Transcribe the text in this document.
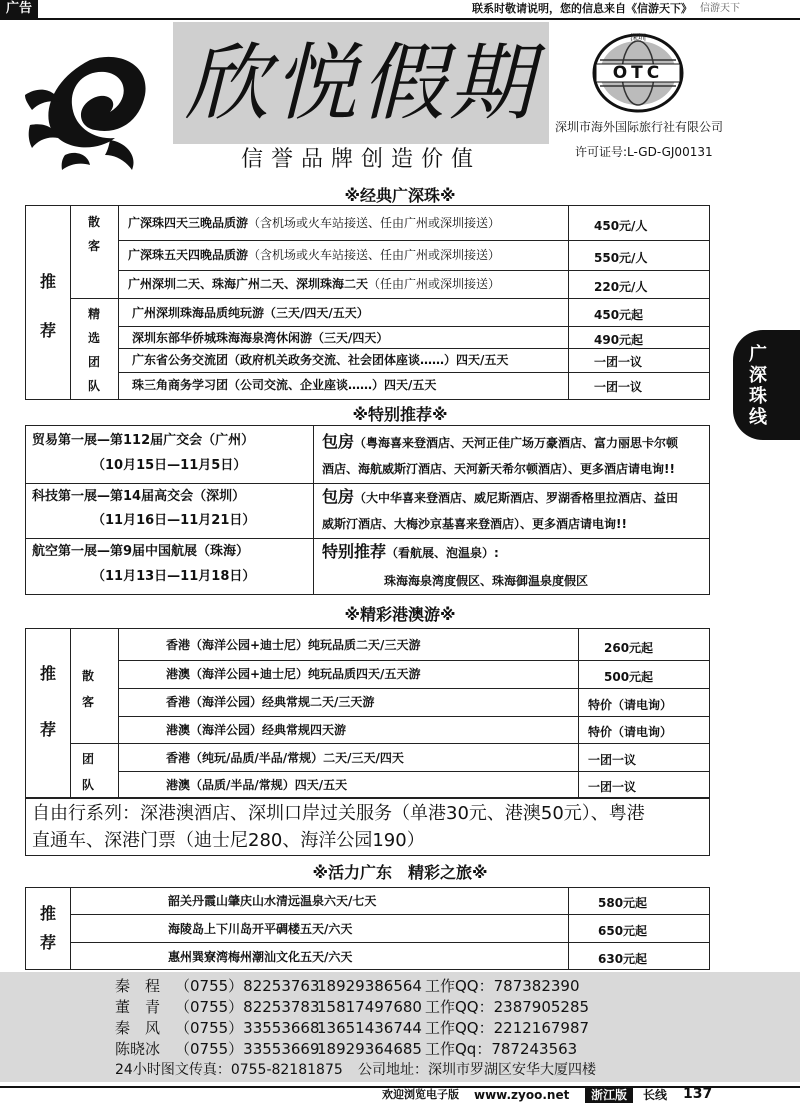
广告	联系时敬请说明，您的信息来自《信游天下》 信游天下
欣悦假期
信誉品牌创造价值
OTC
深圳
深圳市海外国际旅行社有限公司
许可证号:L-GD-GJ00131
广深珠线
※经典广深珠※
推
荐
散
客
精
选
团
队
广深珠四天三晚品质游（含机场或火车站接送、任由广州或深圳接送）	450元/人
广深珠五天四晚品质游（含机场或火车站接送、任由广州或深圳接送）	550元/人
广州深圳二天、珠海广州二天、深圳珠海二天（任由广州或深圳接送）	220元/人
广州深圳珠海品质纯玩游（三天/四天/五天）	450元起
深圳东部华侨城珠海海泉湾休闲游（三天/四天）	490元起
广东省公务交流团（政府机关政务交流、社会团体座谈……）四天/五天	一团一议
珠三角商务学习团（公司交流、企业座谈……）四天/五天	一团一议
※特别推荐※
贸易第一展—第112届广交会（广州）
（10月15日—11月5日）
包房（粤海喜来登酒店、天河正佳广场万豪酒店、富力丽思卡尔顿
酒店、海航威斯汀酒店、天河新天希尔顿酒店）、更多酒店请电询!!
科技第一展—第14届高交会（深圳）
（11月16日—11月21日）
包房（大中华喜来登酒店、威尼斯酒店、罗湖香格里拉酒店、益田
威斯汀酒店、大梅沙京基喜来登酒店）、更多酒店请电询!!
航空第一展—第9届中国航展（珠海）
（11月13日—11月18日）
特别推荐（看航展、泡温泉）:
珠海海泉湾度假区、珠海御温泉度假区
※精彩港澳游※
推
荐
散
客
团
队
香港（海洋公园+迪士尼）纯玩品质二天/三天游	260元起
港澳（海洋公园+迪士尼）纯玩品质四天/五天游	500元起
香港（海洋公园）经典常规二天/三天游	特价（请电询）
港澳（海洋公园）经典常规四天游	特价（请电询）
香港（纯玩/品质/半品/常规）二天/三天/四天	一团一议
港澳（品质/半品/常规）四天/五天	一团一议
自由行系列：深港澳酒店、深圳口岸过关服务（单港30元、港澳50元）、粤港
直通车、深港门票（迪士尼280、海洋公园190）
※活力广东　精彩之旅※
推
荐
韶关丹霞山肇庆山水清远温泉六天/七天	580元起
海陵岛上下川岛开平碉楼五天/六天	650元起
惠州巽寮湾梅州潮汕文化五天/六天	630元起
秦　程 （0755）8225376318929386564 工作QQ：787382390
董　青 （0755）8225378315817497680 工作QQ：2387905285
秦　风 （0755）3355366813651436744 工作QQ：2212167987
陈晓冰 （0755）3355366918929364685 工作Qq：787243563
24小时图文传真：0755-82181875 公司地址：深圳市罗湖区安华大厦四楼
欢迎浏览电子版 www.zyoo.net	浙江版	长线 137
